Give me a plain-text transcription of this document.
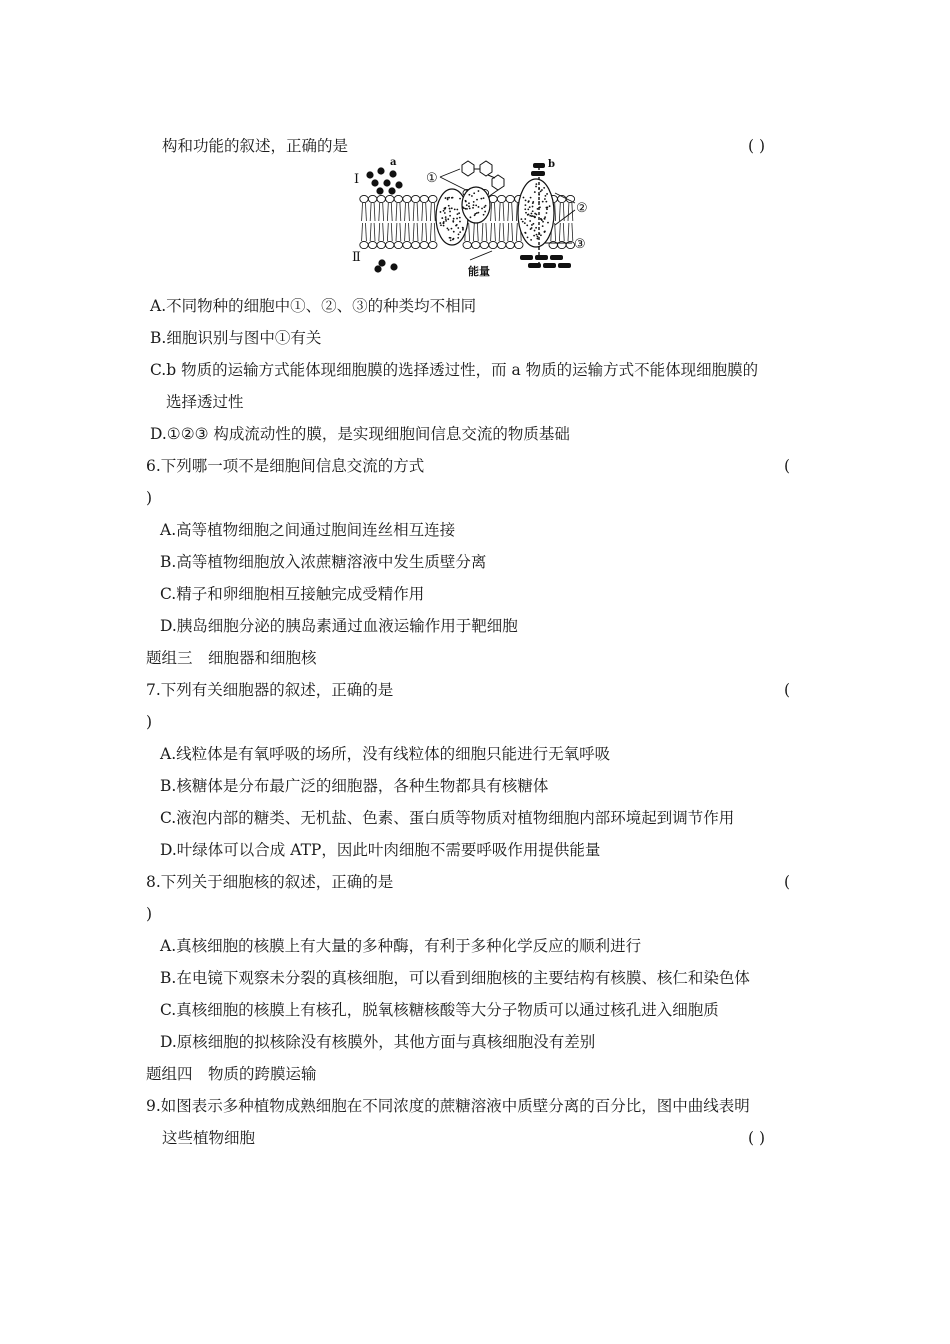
构和功能的叙述，正确的是	( )
Ⅰ
Ⅱ
a	b
①
②
③
能量
A.不同物种的细胞中①、②、③的种类均不相同
B.细胞识别与图中①有关
C.b 物质的运输方式能体现细胞膜的选择透过性，而 a 物质的运输方式不能体现细胞膜的
选择透过性
D.①②③ 构成流动性的膜，是实现细胞间信息交流的物质基础
6.下列哪一项不是细胞间信息交流的方式	(
)
A.高等植物细胞之间通过胞间连丝相互连接
B.高等植物细胞放入浓蔗糖溶液中发生质壁分离
C.精子和卵细胞相互接触完成受精作用
D.胰岛细胞分泌的胰岛素通过血液运输作用于靶细胞
题组三　细胞器和细胞核
7.下列有关细胞器的叙述，正确的是	(
)
A.线粒体是有氧呼吸的场所，没有线粒体的细胞只能进行无氧呼吸
B.核糖体是分布最广泛的细胞器，各种生物都具有核糖体
C.液泡内部的糖类、无机盐、色素、蛋白质等物质对植物细胞内部环境起到调节作用
D.叶绿体可以合成 ATP，因此叶肉细胞不需要呼吸作用提供能量
8.下列关于细胞核的叙述，正确的是	(
)
A.真核细胞的核膜上有大量的多种酶，有利于多种化学反应的顺利进行
B.在电镜下观察未分裂的真核细胞，可以看到细胞核的主要结构有核膜、核仁和染色体
C.真核细胞的核膜上有核孔，脱氧核糖核酸等大分子物质可以通过核孔进入细胞质
D.原核细胞的拟核除没有核膜外，其他方面与真核细胞没有差别
题组四　物质的跨膜运输
9.如图表示多种植物成熟细胞在不同浓度的蔗糖溶液中质壁分离的百分比，图中曲线表明
这些植物细胞	( )
